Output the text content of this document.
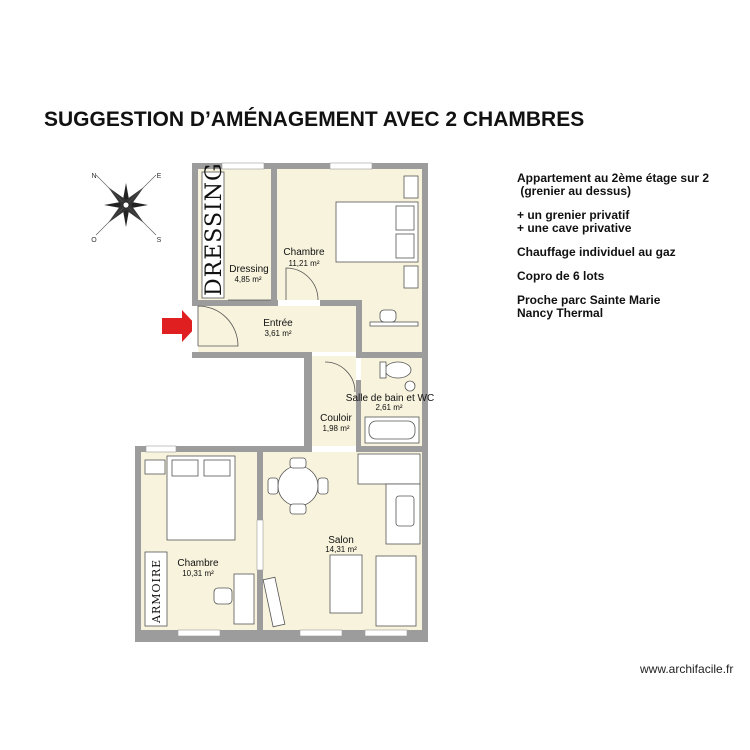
SUGGESTION D’AMÉNAGEMENT AVEC 2 CHAMBRES
Appartement au 2ème étage sur 2
(grenier au dessus)
+ un grenier privatif
+ une cave privative
Chauffage individuel au gaz
Copro de 6 lots
Proche parc Sainte Marie
Nancy Thermal
N	E
S
O	DRESSING
ARMOIRE
Dressing
4,85 m²
Chambre
11,21 m²
Entrée
3,61 m²
Salle de bain et WC
2,61 m²
Couloir
1,98 m²
Chambre
10,31 m²
Salon
14,31 m²
www.archifacile.fr
